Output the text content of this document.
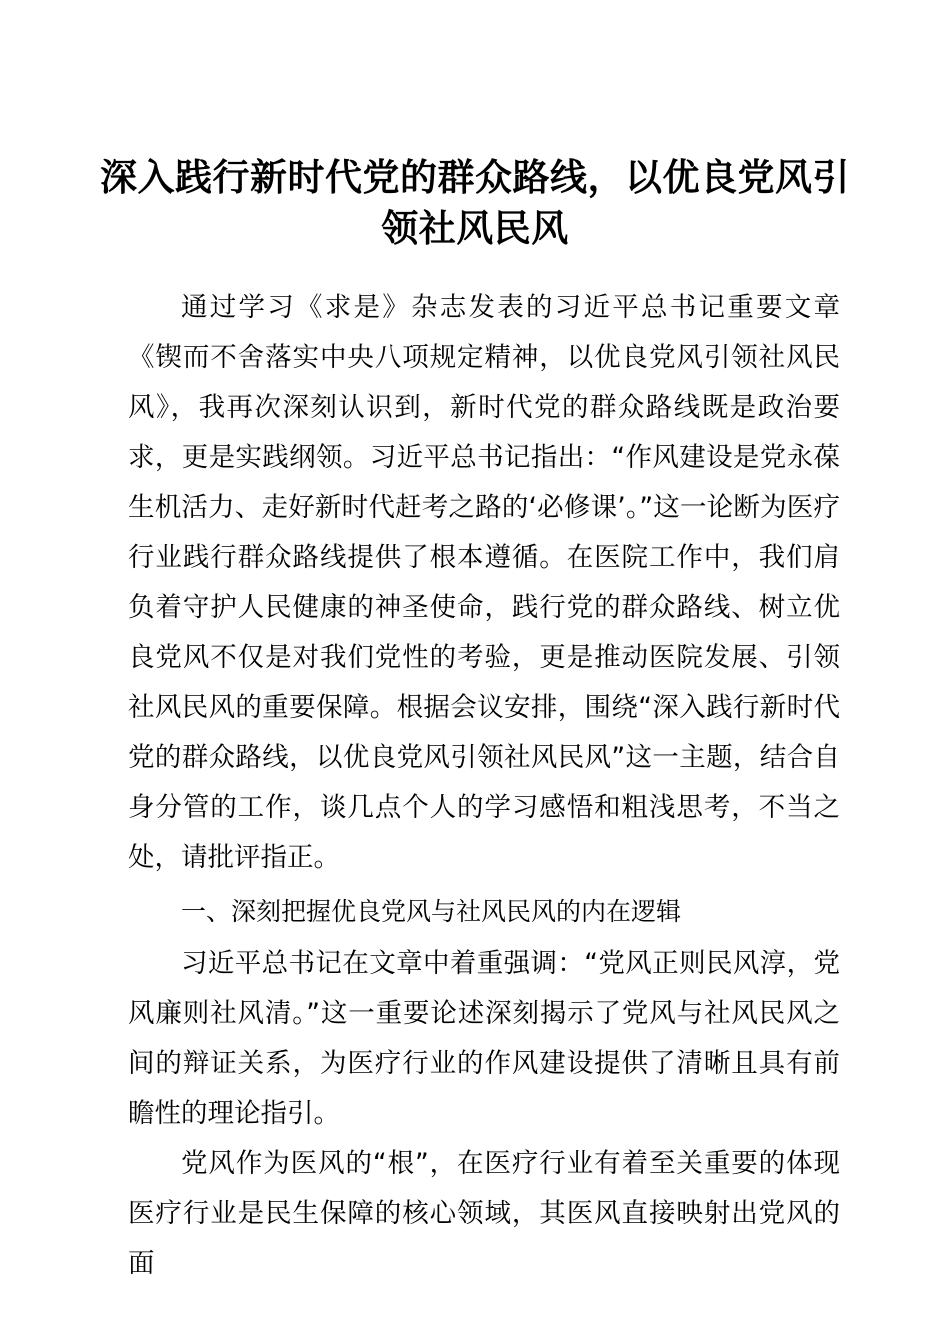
深入践行新时代党的群众路线，以优良党风引领社风民风

通过学习《求是》杂志发表的习近平总书记重要文章《锲而不舍落实中央八项规定精神，以优良党风引领社风民风》，我再次深刻认识到，新时代党的群众路线既是政治要求，更是实践纲领。习近平总书记指出：“作风建设是党永葆生机活力、走好新时代赶考之路的‘必修课’。”这一论断为医疗行业践行群众路线提供了根本遵循。在医院工作中，我们肩负着守护人民健康的神圣使命，践行党的群众路线、树立优良党风不仅是对我们党性的考验，更是推动医院发展、引领社风民风的重要保障。根据会议安排，围绕“深入践行新时代党的群众路线，以优良党风引领社风民风”这一主题，结合自身分管的工作，谈几点个人的学习感悟和粗浅思考，不当之处，请批评指正。

一、深刻把握优良党风与社风民风的内在逻辑

习近平总书记在文章中着重强调：“党风正则民风淳，党风廉则社风清。”这一重要论述深刻揭示了党风与社风民风之间的辩证关系，为医疗行业的作风建设提供了清晰且具有前瞻性的理论指引。

党风作为医风的“根”，在医疗行业有着至关重要的体现医疗行业是民生保障的核心领域，其医风直接映射出党风的面
